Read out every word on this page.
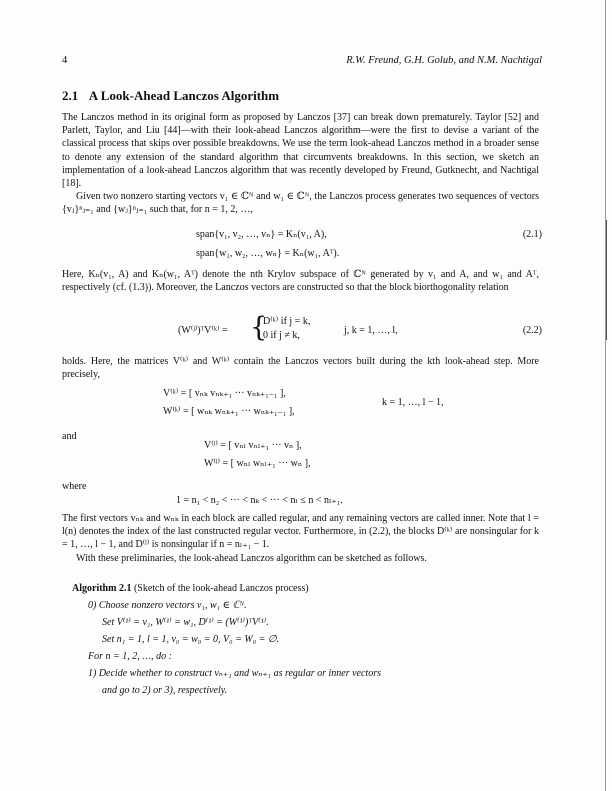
4	R.W. Freund, G.H. Golub, and N.M. Nachtigal
2.1 A Look-Ahead Lanczos Algorithm

The Lanczos method in its original form as proposed by Lanczos [37] can break down prematurely. Taylor [52] and Parlett, Taylor, and Liu [44]—with their look-ahead Lanczos algorithm—were the first to devise a variant of the classical process that skips over possible breakdowns. We use the term look-ahead Lanczos method in a broader sense to denote any extension of the standard algorithm that circumvents breakdowns. In this section, we sketch an implementation of a look-ahead Lanczos algorithm that was recently developed by Freund, Gutknecht, and Nachtigal [18].

Given two nonzero starting vectors v₁ ∈ ℂᴺ and w₁ ∈ ℂᴺ, the Lanczos process generates two sequences of vectors {vⱼ}ⁿⱼ₌₁ and {wⱼ}ⁿⱼ₌₁ such that, for n = 1, 2, …,

span{v₁, v₂, …, vₙ} = Kₙ(v₁, A),
span{w₁, w₂, …, wₙ} = Kₙ(w₁, Aᵀ).
(2.1)
Here, Kₙ(v₁, A) and Kₙ(w₁, Aᵀ) denote the nth Krylov subspace of ℂᴺ generated by v₁ and A, and w₁ and Aᵀ, respectively (cf. (1.3)). Moreover, the Lanczos vectors are constructed so that the block biorthogonality relation
(W⁽ʲ⁾)ᵀV⁽ᵏ⁾ = {
D⁽ᵏ⁾ if j = k,
0 if j ≠ k,	j, k = 1, …, l,	(2.2)
holds. Here, the matrices V⁽ᵏ⁾ and W⁽ᵏ⁾ contain the Lanczos vectors built during the kth look-ahead step. More precisely,
V⁽ᵏ⁾ = [ vₙₖ vₙₖ₊₁ ··· vₙₖ₊₁₋₁ ],
W⁽ᵏ⁾ = [ wₙₖ wₙₖ₊₁ ··· wₙₖ₊₁₋₁ ],
k = 1, …, l − 1,
and
V⁽ˡ⁾ = [ vₙₗ vₙₗ₊₁ ··· vₙ ],
W⁽ˡ⁾ = [ wₙₗ wₙₗ₊₁ ··· wₙ ],
where
1 = n₁ < n₂ < ··· < nₖ < ··· < nₗ ≤ n < nₗ₊₁.

The first vectors vₙₖ and wₙₖ in each block are called regular, and any remaining vectors are called inner. Note that l = l(n) denotes the index of the last constructed regular vector. Furthermore, in (2.2), the blocks D⁽ᵏ⁾ are nonsingular for k = 1, …, l − 1, and D⁽ˡ⁾ is nonsingular if n = nₗ₊₁ − 1.

With these preliminaries, the look-ahead Lanczos algorithm can be sketched as follows.

Algorithm 2.1 (Sketch of the look-ahead Lanczos process)
0) Choose nonzero vectors v₁, w₁ ∈ ℂᴺ.
Set V⁽¹⁾ = v₁, W⁽¹⁾ = w₁, D⁽¹⁾ = (W⁽¹⁾)ᵀV⁽¹⁾.
Set n₁ = 1, l = 1, v₀ = w₀ = 0, V₀ = W₀ = ∅.
For n = 1, 2, …, do :
1) Decide whether to construct vₙ₊₁ and wₙ₊₁ as regular or inner vectors
and go to 2) or 3), respectively.
